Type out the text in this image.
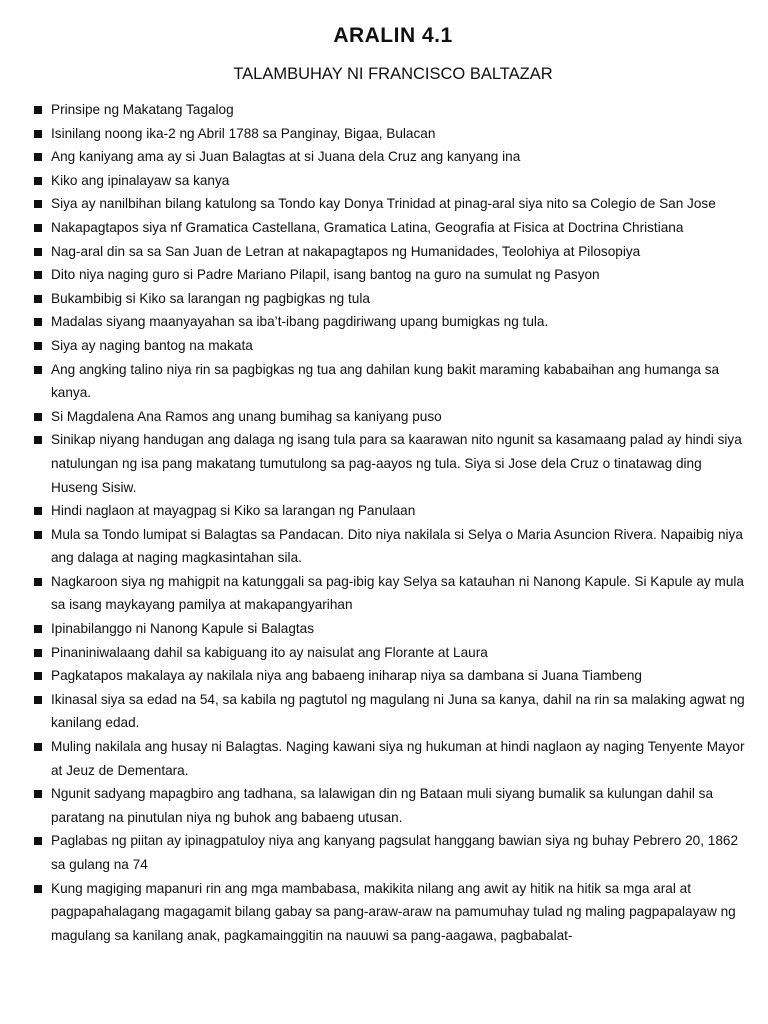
ARALIN 4.1
TALAMBUHAY NI FRANCISCO BALTAZAR
Prinsipe ng Makatang Tagalog
Isinilang noong ika-2 ng Abril 1788 sa Panginay, Bigaa, Bulacan
Ang kaniyang ama ay si Juan Balagtas at si Juana dela Cruz ang kanyang ina
Kiko ang ipinalayaw sa kanya
Siya ay nanilbihan bilang katulong sa Tondo kay Donya Trinidad at pinag-aral siya nito sa Colegio de San Jose
Nakapagtapos siya nf Gramatica Castellana, Gramatica Latina, Geografia at Fisica at Doctrina Christiana
Nag-aral din sa sa San Juan de Letran at nakapagtapos ng Humanidades, Teolohiya at Pilosopiya
Dito niya naging guro si Padre Mariano Pilapil, isang bantog na guro na sumulat ng Pasyon
Bukambibig si Kiko sa larangan ng pagbigkas ng tula
Madalas siyang maanyayahan sa iba’t-ibang pagdiriwang upang bumigkas ng tula.
Siya ay naging bantog na makata
Ang angking talino niya rin sa pagbigkas ng tua ang dahilan kung bakit maraming kababaihan ang humanga sa kanya.
Si Magdalena Ana Ramos ang unang bumihag sa kaniyang puso
Sinikap niyang handugan ang dalaga ng isang tula para sa kaarawan nito ngunit sa kasamaang palad ay hindi siya natulungan ng isa pang makatang tumutulong sa pag-aayos ng tula. Siya si Jose dela Cruz o tinatawag ding Huseng Sisiw.
Hindi naglaon at mayagpag si Kiko sa larangan ng Panulaan
Mula sa Tondo lumipat si Balagtas sa Pandacan. Dito niya nakilala si Selya o Maria Asuncion Rivera. Napaibig niya ang dalaga at naging magkasintahan sila.
Nagkaroon siya ng mahigpit na katunggali sa pag-ibig kay Selya sa katauhan ni Nanong Kapule. Si Kapule ay mula sa isang maykayang pamilya at makapangyarihan
Ipinabilanggo ni Nanong Kapule si Balagtas
Pinaniniwalaang dahil sa kabiguang ito ay naisulat ang Florante at Laura
Pagkatapos makalaya ay nakilala niya ang babaeng iniharap niya sa dambana si Juana Tiambeng
Ikinasal siya sa edad na 54, sa kabila ng pagtutol ng magulang ni Juna sa kanya, dahil na rin sa malaking agwat ng kanilang edad.
Muling nakilala ang husay ni Balagtas. Naging kawani siya ng hukuman at hindi naglaon ay naging Tenyente Mayor at Jeuz de Dementara.
Ngunit sadyang mapagbiro ang tadhana, sa lalawigan din ng Bataan muli siyang bumalik sa kulungan dahil sa paratang na pinutulan niya ng buhok ang babaeng utusan.
Paglabas ng piitan ay ipinagpatuloy niya ang kanyang pagsulat hanggang bawian siya ng buhay Pebrero 20, 1862 sa gulang na 74
Kung magiging mapanuri rin ang mga mambabasa, makikita nilang ang awit ay hitik na hitik sa mga aral at pagpapahalagang magagamit bilang gabay sa pang-araw-araw na pamumuhay tulad ng maling pagpapalayaw ng magulang sa kanilang anak, pagkamainggitin na nauuwi sa pang-aagawa, pagbabalat-
